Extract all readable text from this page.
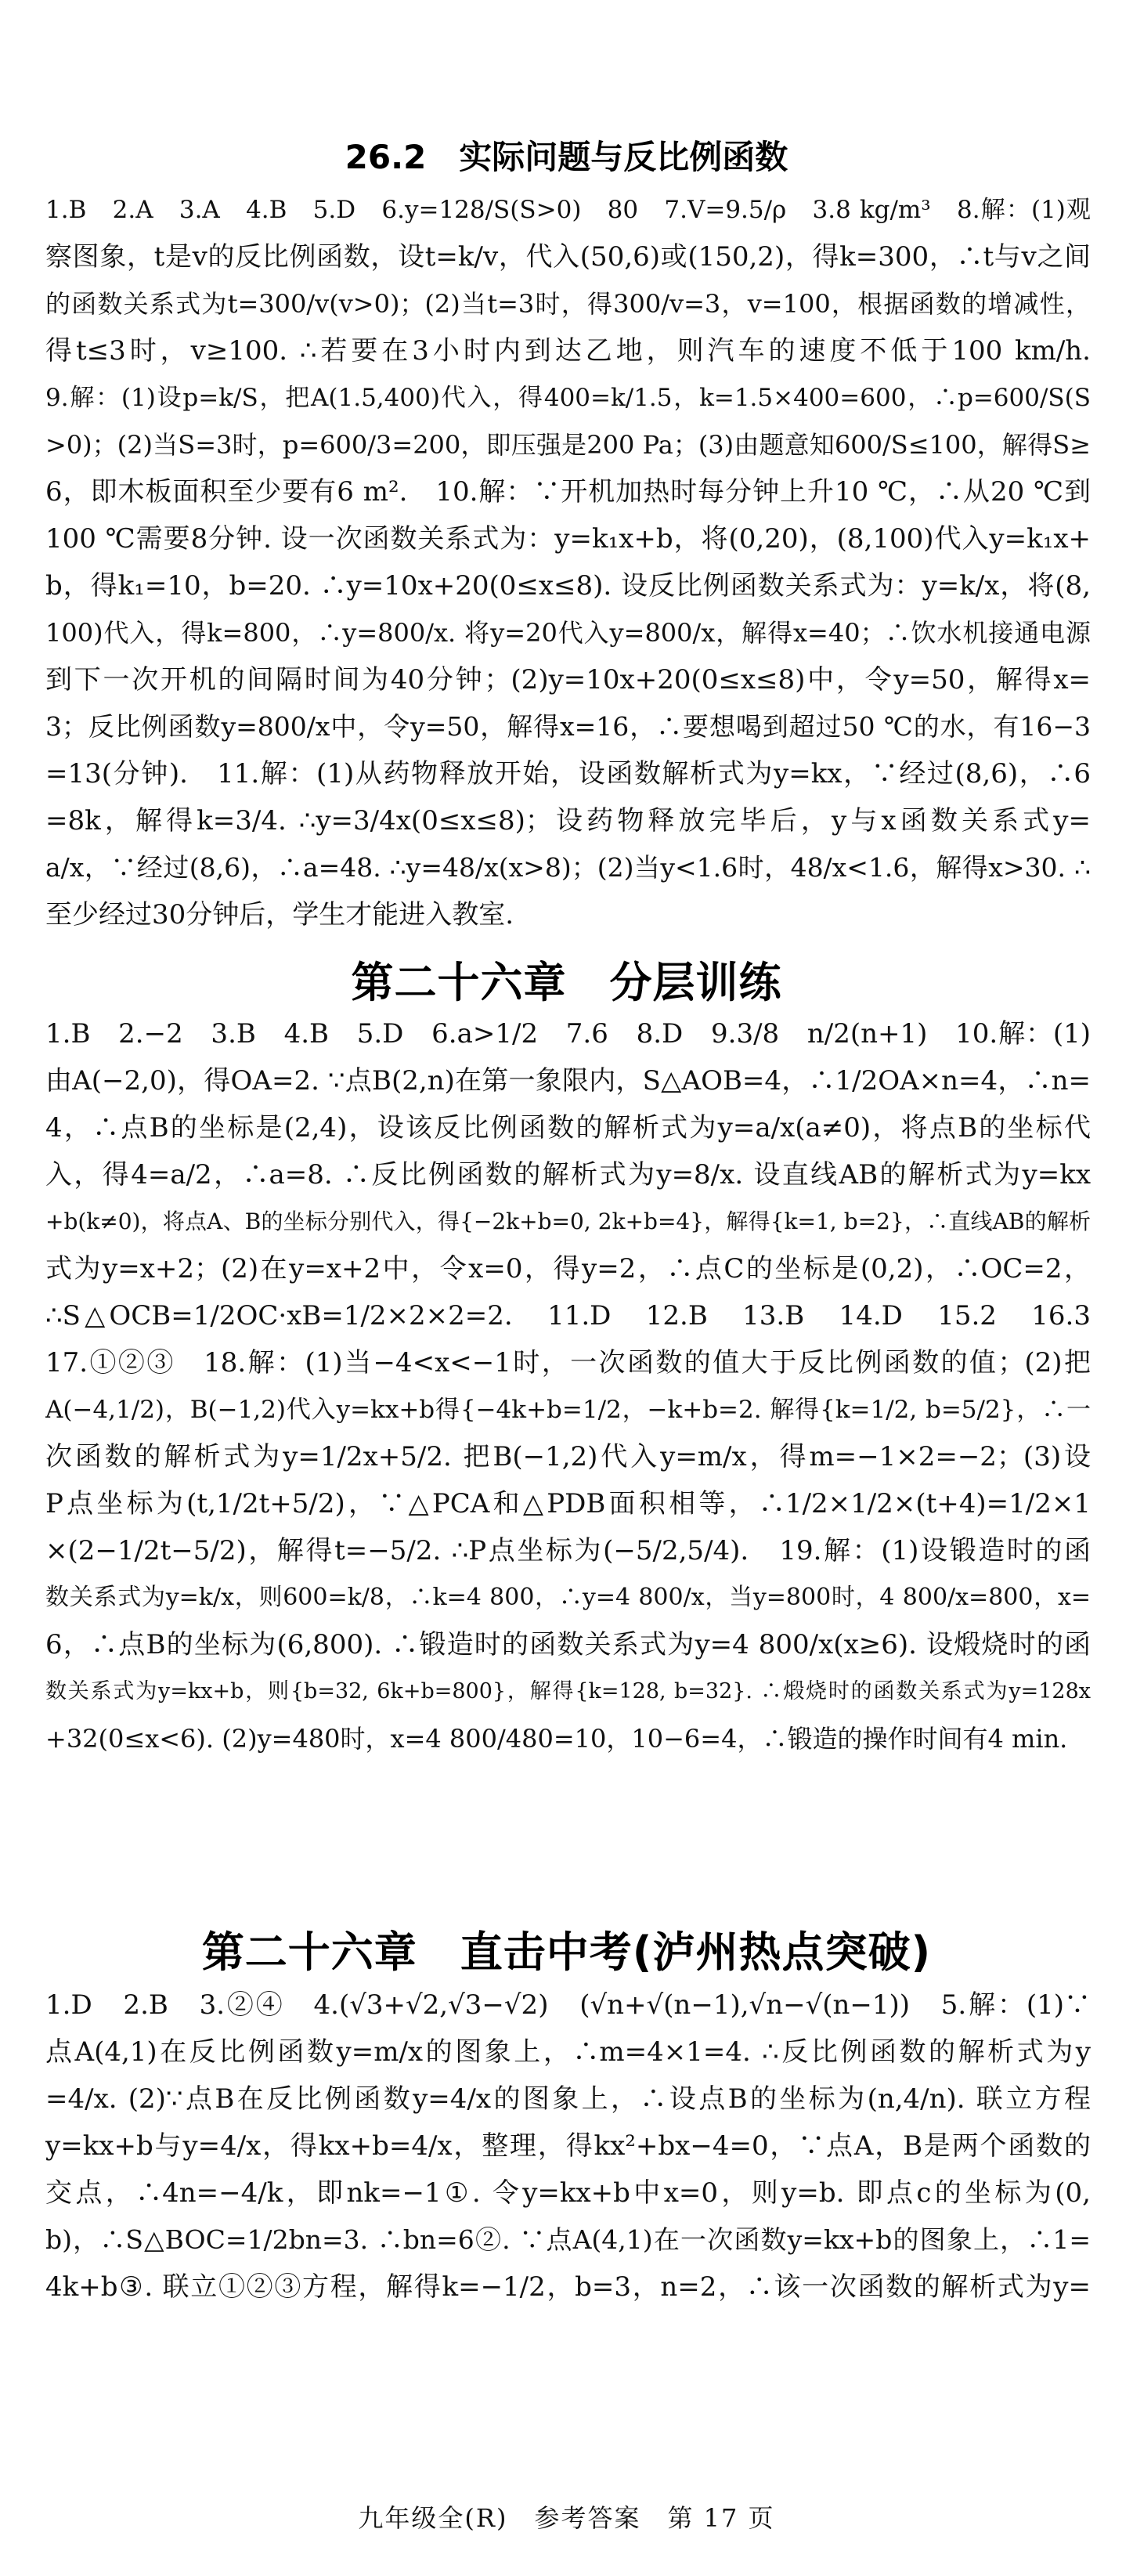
26.2　实际问题与反比例函数
1.B　2.A　3.A　4.B　5.D　6.y=128/S(S>0)　80　7.V=9.5/ρ　3.8 kg/m³　8.解：(1)观
察图象，t是v的反比例函数，设t=k/v，代入(50,6)或(150,2)，得k=300，∴t与v之间
的函数关系式为t=300/v(v>0)；(2)当t=3时，得300/v=3，v=100，根据函数的增减性，
得t≤3时，v≥100. ∴若要在3小时内到达乙地，则汽车的速度不低于100 km/h.
9.解：(1)设p=k/S，把A(1.5,400)代入，得400=k/1.5，k=1.5×400=600，∴p=600/S(S
>0)；(2)当S=3时，p=600/3=200，即压强是200 Pa；(3)由题意知600/S≤100，解得S≥
6，即木板面积至少要有6 m².　10.解：∵开机加热时每分钟上升10 ℃，∴从20 ℃到
100 ℃需要8分钟. 设一次函数关系式为：y=k₁x+b，将(0,20)，(8,100)代入y=k₁x+
b，得k₁=10，b=20. ∴y=10x+20(0≤x≤8). 设反比例函数关系式为：y=k/x，将(8,
100)代入，得k=800，∴y=800/x. 将y=20代入y=800/x，解得x=40；∴饮水机接通电源
到下一次开机的间隔时间为40分钟；(2)y=10x+20(0≤x≤8)中，令y=50，解得x=
3；反比例函数y=800/x中，令y=50，解得x=16，∴要想喝到超过50 ℃的水，有16−3
=13(分钟).　11.解：(1)从药物释放开始，设函数解析式为y=kx，∵经过(8,6)，∴6
=8k，解得k=3/4. ∴y=3/4x(0≤x≤8)；设药物释放完毕后，y与x函数关系式y=
a/x，∵经过(8,6)，∴a=48. ∴y=48/x(x>8)；(2)当y<1.6时，48/x<1.6，解得x>30. ∴
至少经过30分钟后，学生才能进入教室.
第二十六章　分层训练
1.B　2.−2　3.B　4.B　5.D　6.a>1/2　7.6　8.D　9.3/8　n/2(n+1)　10.解：(1)
由A(−2,0)，得OA=2. ∵点B(2,n)在第一象限内，S△AOB=4，∴1/2OA×n=4，∴n=
4，∴点B的坐标是(2,4)，设该反比例函数的解析式为y=a/x(a≠0)，将点B的坐标代
入，得4=a/2，∴a=8. ∴反比例函数的解析式为y=8/x. 设直线AB的解析式为y=kx
+b(k≠0)，将点A、B的坐标分别代入，得{−2k+b=0, 2k+b=4}，解得{k=1, b=2}，∴直线AB的解析
式为y=x+2；(2)在y=x+2中，令x=0，得y=2，∴点C的坐标是(0,2)，∴OC=2，
∴S△OCB=1/2OC·xB=1/2×2×2=2.　11.D　12.B　13.B　14.D　15.2　16.3
17.①②③　18.解：(1)当−4<x<−1时，一次函数的值大于反比例函数的值；(2)把
A(−4,1/2)，B(−1,2)代入y=kx+b得{−4k+b=1/2，−k+b=2. 解得{k=1/2, b=5/2}，∴一
次函数的解析式为y=1/2x+5/2. 把B(−1,2)代入y=m/x，得m=−1×2=−2；(3)设
P点坐标为(t,1/2t+5/2)，∵△PCA和△PDB面积相等，∴1/2×1/2×(t+4)=1/2×1
×(2−1/2t−5/2)，解得t=−5/2. ∴P点坐标为(−5/2,5/4).　19.解：(1)设锻造时的函
数关系式为y=k/x，则600=k/8，∴k=4 800，∴y=4 800/x，当y=800时，4 800/x=800，x=
6，∴点B的坐标为(6,800). ∴锻造时的函数关系式为y=4 800/x(x≥6). 设煅烧时的函
数关系式为y=kx+b，则{b=32, 6k+b=800}，解得{k=128, b=32}. ∴煅烧时的函数关系式为y=128x
+32(0≤x<6). (2)y=480时，x=4 800/480=10，10−6=4，∴锻造的操作时间有4 min.
第二十六章　直击中考(泸州热点突破)
1.D　2.B　3.②④　4.(√3+√2,√3−√2)　(√n+√(n−1),√n−√(n−1))　5.解：(1)∵
点A(4,1)在反比例函数y=m/x的图象上，∴m=4×1=4. ∴反比例函数的解析式为y
=4/x. (2)∵点B在反比例函数y=4/x的图象上，∴设点B的坐标为(n,4/n). 联立方程
y=kx+b与y=4/x，得kx+b=4/x，整理，得kx²+bx−4=0，∵点A，B是两个函数的
交点，∴4n=−4/k，即nk=−1①. 令y=kx+b中x=0，则y=b. 即点c的坐标为(0,
b)，∴S△BOC=1/2bn=3. ∴bn=6②. ∵点A(4,1)在一次函数y=kx+b的图象上，∴1=
4k+b③. 联立①②③方程，解得k=−1/2，b=3，n=2，∴该一次函数的解析式为y=
九年级全(R)　参考答案　第 17 页
